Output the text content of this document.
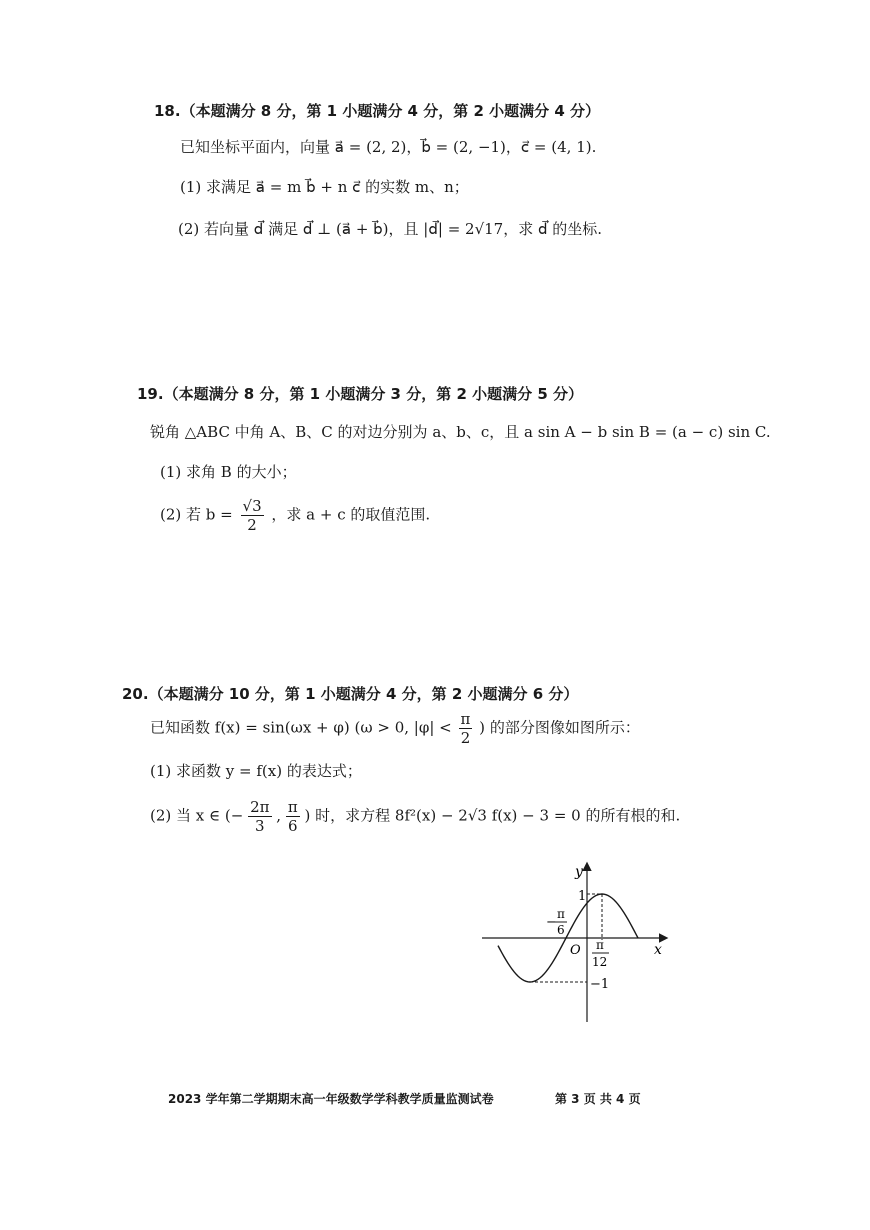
18.（本题满分 8 分，第 1 小题满分 4 分，第 2 小题满分 4 分）
已知坐标平面内，向量 a⃗ = (2, 2)，b⃗ = (2, −1)，c⃗ = (4, 1).
(1) 求满足 a⃗ = m b⃗ + n c⃗ 的实数 m、n；
(2) 若向量 d⃗ 满足 d⃗ ⊥ (a⃗ + b⃗)，且 |d⃗| = 2√17，求 d⃗ 的坐标.
19.（本题满分 8 分，第 1 小题满分 3 分，第 2 小题满分 5 分）
锐角 △ABC 中角 A、B、C 的对边分别为 a、b、c，且 a sin A − b sin B = (a − c) sin C.
(1) 求角 B 的大小；
(2) 若 $b = \frac{√3}{2}$ ，求 a + c 的取值范围.
20.（本题满分 10 分，第 1 小题满分 4 分，第 2 小题满分 6 分）
已知函数 f(x) = sin(ωx + φ) (ω > 0, $|\varphi| < \frac{\pi}{2}$ ) 的部分图像如图所示：
(1) 求函数 y = f(x) 的表达式；
(2) 当 x ∈ (− $\frac{2\pi}{3}$ , $\frac{\pi}{6}$ ) 时，求方程 8f²(x) − 2√3 f(x) − 3 = 0 的所有根的和.
y
x
O
1
−1
−
π
6
π
12
2023 学年第二学期期末高一年级数学学科教学质量监测试卷	第 3 页 共 4 页
